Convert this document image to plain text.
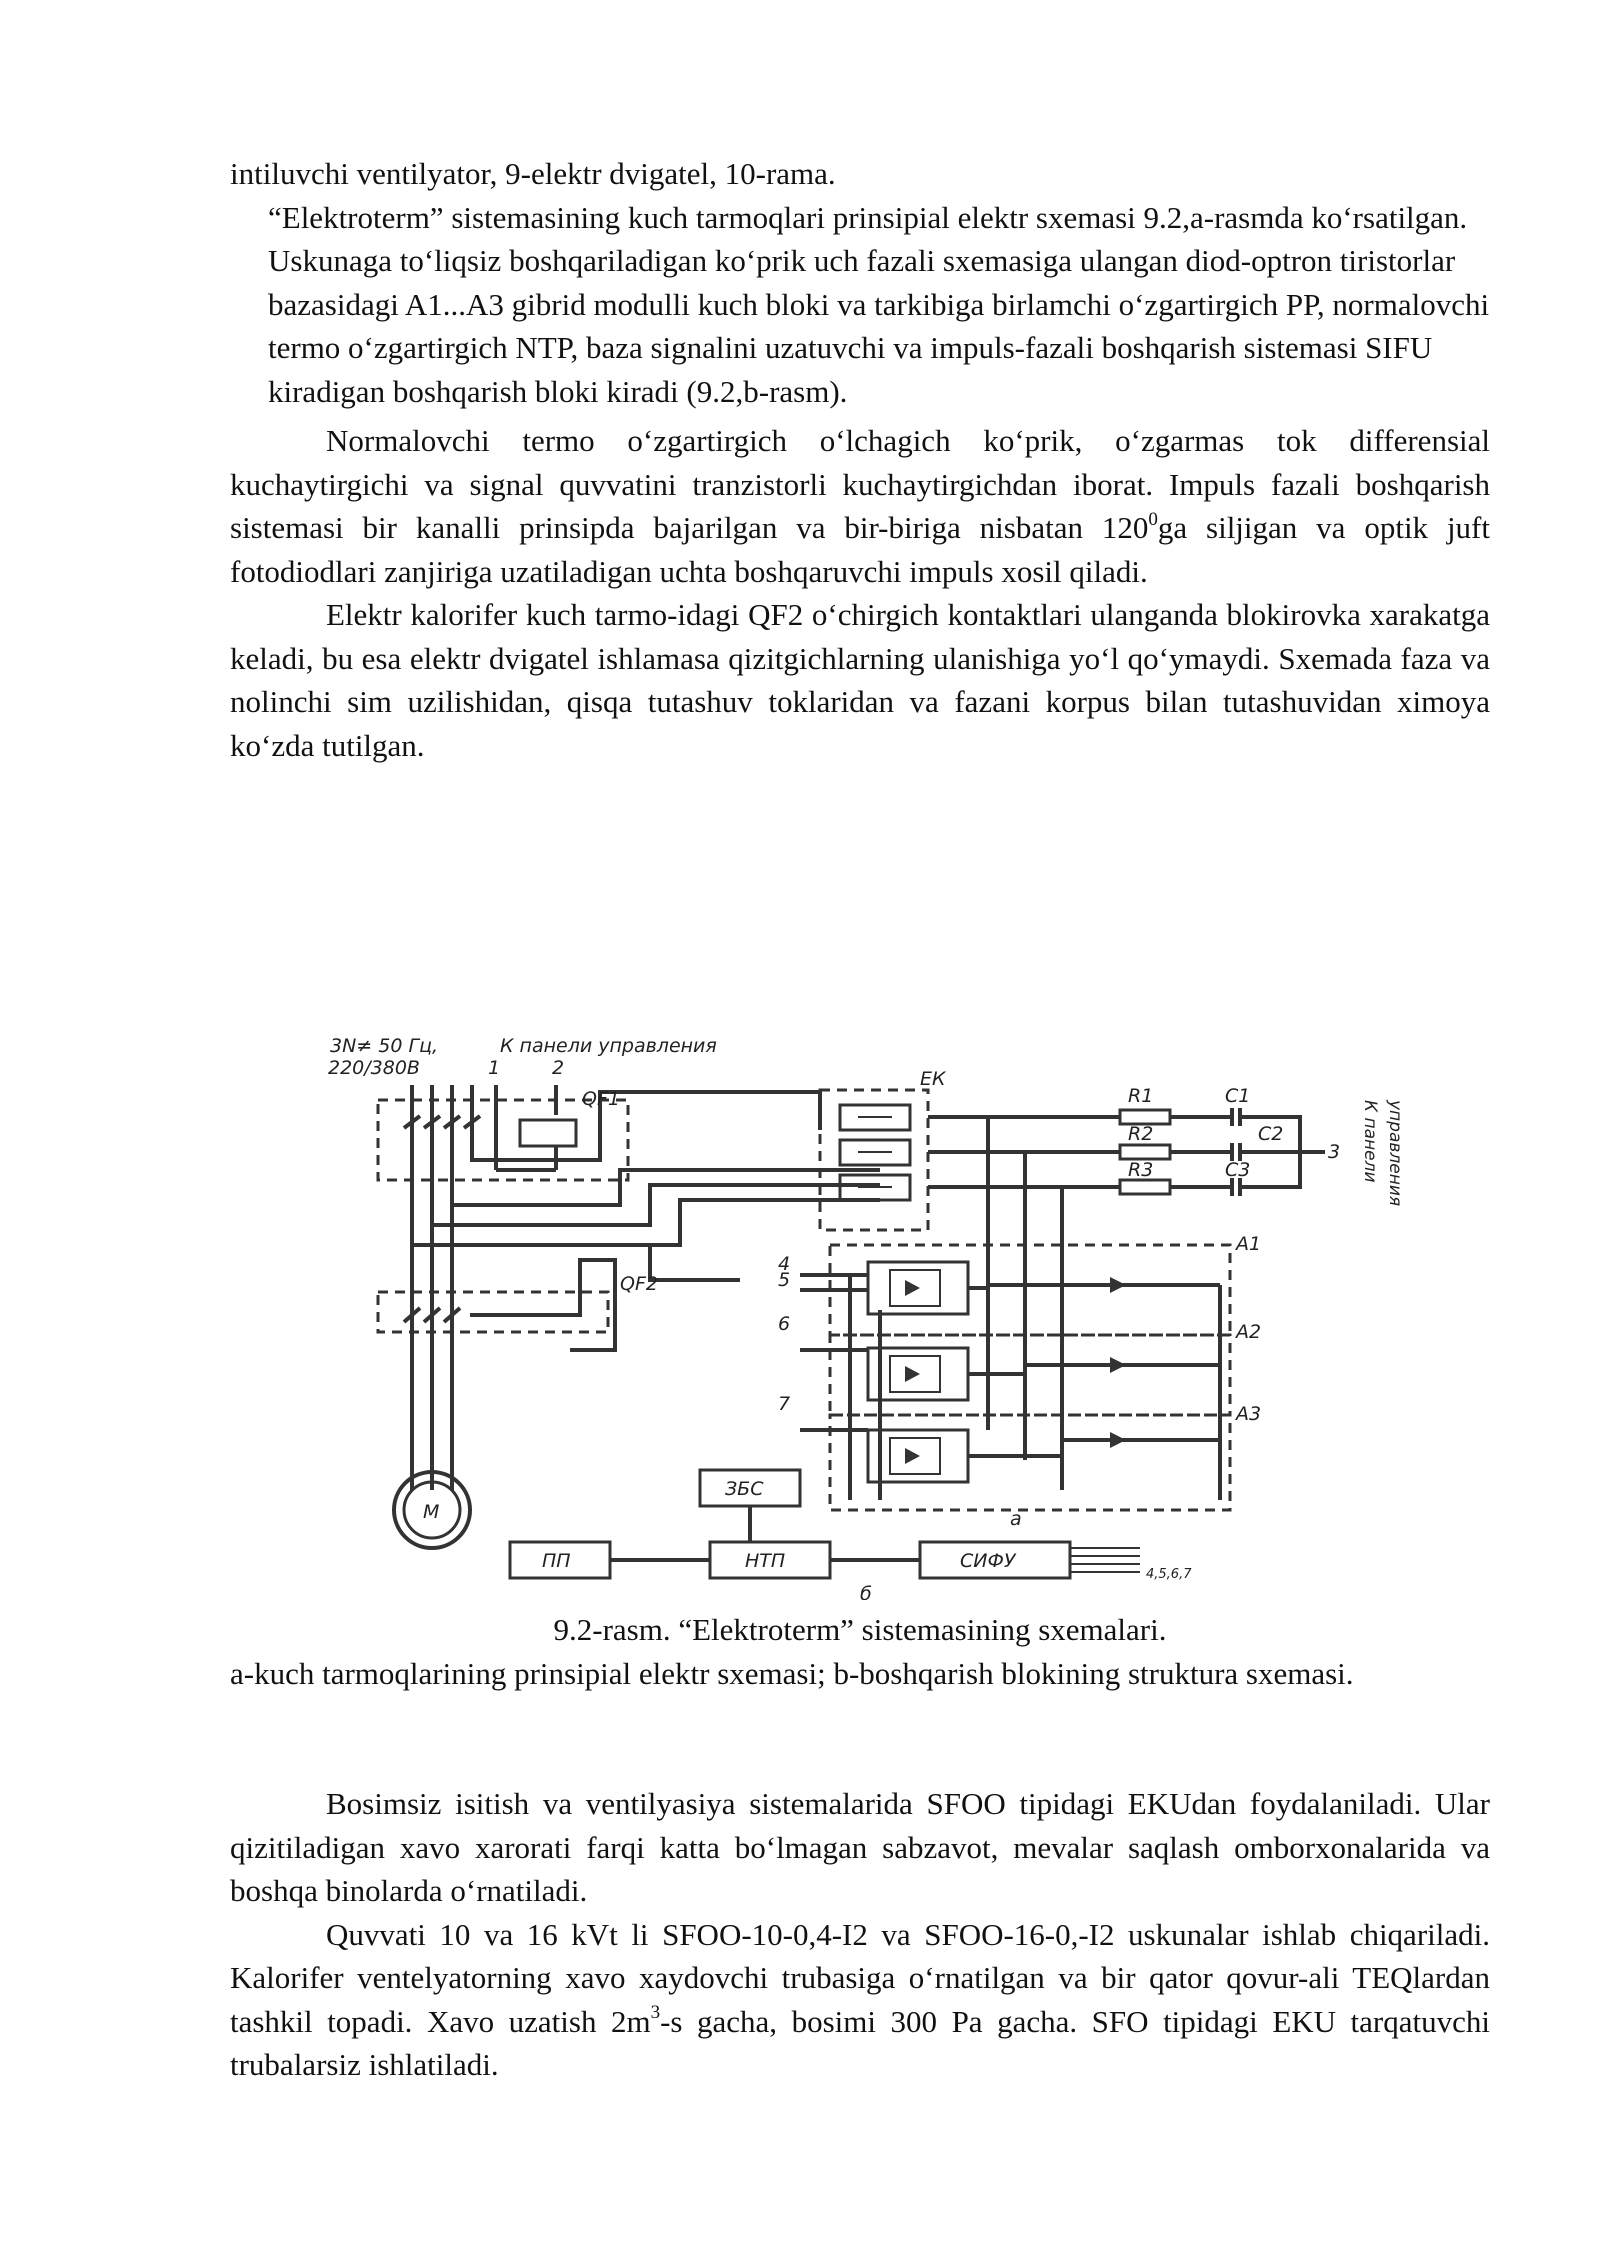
intiluvchi ventilyator, 9-elektr dvigatel, 10-rama.

“Elektroterm” sistemasining kuch tarmoqlari prinsipial elektr sxemasi 9.2,a-rasmda ko‘rsatilgan. Uskunaga to‘liqsiz boshqariladigan ko‘prik uch fazali sxemasiga ulangan diod-optron tiristorlar bazasidagi A1...A3 gibrid modulli kuch bloki va tarkibiga birlamchi o‘zgartirgich PP, normalovchi termo o‘zgartirgich NTP, baza signalini uzatuvchi va impuls-fazali boshqarish sistemasi SIFU kiradigan boshqarish bloki kiradi (9.2,b-rasm).

Normalovchi termo o‘zgartirgich o‘lchagich ko‘prik, o‘zgarmas tok differensial kuchaytirgichi va signal quvvatini tranzistorli kuchaytirgichdan iborat. Impuls fazali boshqarish sistemasi bir kanalli prinsipda bajarilgan va bir-biriga nisbatan $120^0ga$ siljigan va optik juft fotodiodlari zanjiriga uzatiladigan uchta boshqaruvchi impuls xosil qiladi.

Elektr kalorifer kuch tarmo-idagi QF2 o‘chirgich kontaktlari ulanganda blokirovka xarakatga keladi, bu esa elektr dvigatel ishlamasa qizitgichlarning ulanishiga yo‘l qo‘ymaydi. Sxemada faza va nolinchi sim uzilishidan, qisqa tutashuv toklaridan va fazani korpus bilan tutashuvidan ximoya ko‘zda tutilgan.

3N≠ 50 Гц,
220/380В
К панели управления
1	2
QF1
QF2
ЕК
R1
R2
R3
C1
C2
C3
3
A1
A2
A3
4
5
6
7
М	а
б
ЗБС
ПП	НТП	СИФУ
4,5,6,7
К панели управления

9.2-rasm. “Elektroterm” sistemasining sxemalari.

a-kuch tarmoqlarining prinsipial elektr sxemasi; b-boshqarish blokining struktura sxemasi.

Bosimsiz isitish va ventilyasiya sistemalarida SFOO tipidagi EKUdan foydalaniladi. Ular qizitiladigan xavo xarorati farqi katta bo‘lmagan sabzavot, mevalar saqlash omborxonalarida va boshqa binolarda o‘rnatiladi.

Quvvati 10 va 16 kVt li SFOO-10-0,4-I2 va SFOO-16-0,-I2 uskunalar ishlab chiqariladi. Kalorifer ventelyatorning xavo xaydovchi trubasiga o‘rnatilgan va bir qator qovur-ali TEQlardan tashkil topadi. Xavo uzatish $2m^3-s$ gacha, bosimi 300 Pa gacha. SFO tipidagi EKU tarqatuvchi trubalarsiz ishlatiladi.
